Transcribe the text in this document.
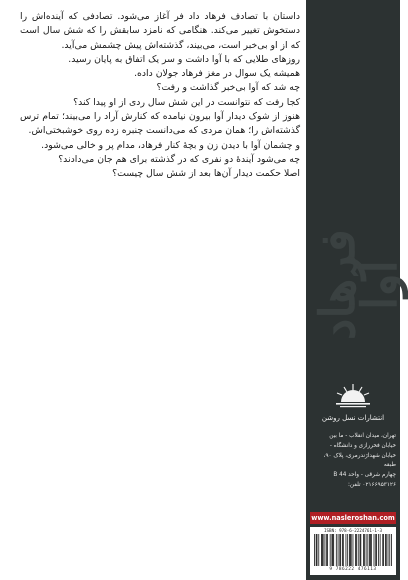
داستان با تصادف فرهاد داد فر آغاز می‌شود. تصادفی که آینده‌اش را دستخوش تغییر می‌کند. هنگامی که نامزد سابقش را که شش سال است که از او بی‌خبر است، می‌بیند، گذشته‌اش پیش چشمش می‌آید.

روزهای طلایی که با آوا داشت و سر یک اتفاق به پایان رسید.

همیشه یک سوال در مغز فرهاد جولان داده.

چه شد که آوا بی‌خبر گذاشت و رفت؟

کجا رفت که نتوانست در این شش سال ردی از او پیدا کند؟

هنوز از شوک دیدار آوا بیرون نیامده که کنارش آراد را می‌بیند؛ تمام ترس گذشته‌اش را؛ همان مردی که می‌دانست چنبره زده روی خوشبختی‌اش.

و چشمان آوا با دیدن زن و بچهٔ کنار فرهاد، مدام پر و خالی می‌شود.

چه می‌شود آیندهٔ دو نفری که در گذشته برای هم جان می‌دادند؟

اصلا حکمت دیدار آن‌ها بعد از شش سال چیست؟

فرهاد
آوا
انتشارات نسل روشن
تهران، میدان انقلاب - ما بین
خیابان فخررازی و دانشگاه -
خیابان شهداژندرمری، پلاک ۹۰، طبقه
چهارم شرقی - واحد 44 B
۰۲۱۶۶۹۵۳۱۲۶ تلفن:
www.nasleroshan.com
ISBN: 978-6-2224761-1-3
9 786222 476113
